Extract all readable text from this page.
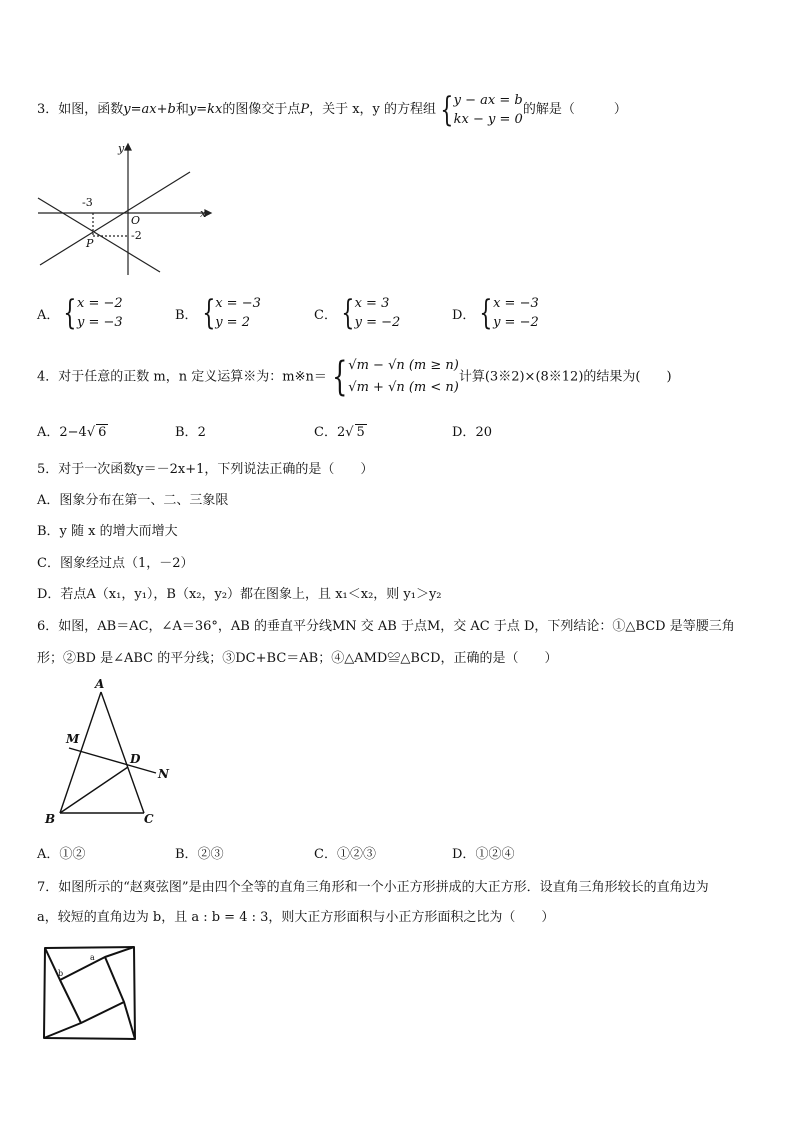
3．如图，函数y=ax+b和y=kx的图像交于点P，关于 x，y 的方程组 { y − ax = b
kx − y = 0
的解是（　　　）
y
x
O
P
-3
-2
A． { x = −2
y = −3	B． { x = −3
y = 2	C． { x = 3
y = −2	D． { x = −3
y = −2
4．对于任意的正数 m，n 定义运算※为：m※n＝ { √m − √n (m ≥ n)
√m + √n (m < n)
计算(3※2)×(8※12)的结果为(　　)
A．2−4√ 6	B．2	C．2√ 5	D．20
5．对于一次函数y＝－2x+1，下列说法正确的是（　　）
A．图象分布在第一、二、三象限
B．y 随 x 的增大而增大
C．图象经过点（1，－2）
D．若点A（x₁，y₁），B（x₂，y₂）都在图象上，且 x₁＜x₂，则 y₁＞y₂
6．如图，AB＝AC，∠A＝36°，AB 的垂直平分线MN 交 AB 于点M，交 AC 于点 D，下列结论：①△BCD 是等腰三角
形；②BD 是∠ABC 的平分线；③DC+BC＝AB；④△AMD≌△BCD，正确的是（　　）
A
B	C
D
M
N
A．①②	B．②③	C．①②③	D．①②④
7．如图所示的“赵爽弦图”是由四个全等的直角三角形和一个小正方形拼成的大正方形．设直角三角形较长的直角边为
a，较短的直角边为 b，且 a : b = 4 : 3，则大正方形面积与小正方形面积之比为（　　）
b
a
